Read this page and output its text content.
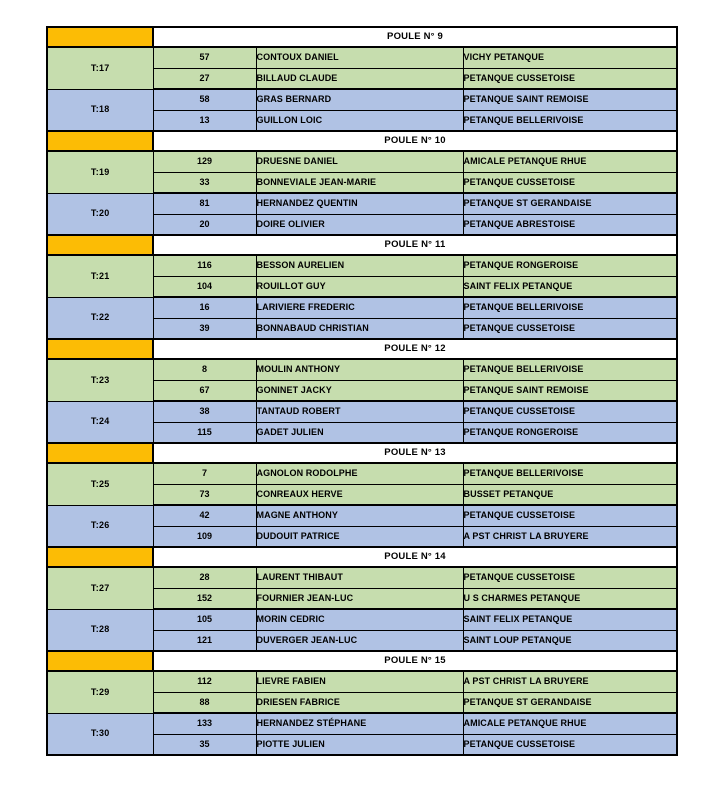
	POULE N° 9		
T:17	57	CONTOUX DANIEL	VICHY PETANQUE
	27	BILLAUD CLAUDE	PETANQUE CUSSETOISE
T:18	58	GRAS BERNARD	PETANQUE SAINT REMOISE
	13	GUILLON LOIC	PETANQUE BELLERIVOISE
	POULE N° 10		
T:19	129	DRUESNE DANIEL	AMICALE PETANQUE RHUE
	33	BONNEVIALE JEAN-MARIE	PETANQUE CUSSETOISE
T:20	81	HERNANDEZ QUENTIN	PETANQUE ST GERANDAISE
	20	DOIRE OLIVIER	PETANQUE ABRESTOISE
	POULE N° 11		
T:21	116	BESSON AURELIEN	PETANQUE RONGEROISE
	104	ROUILLOT GUY	SAINT FELIX PETANQUE
T:22	16	LARIVIERE FREDERIC	PETANQUE BELLERIVOISE
	39	BONNABAUD CHRISTIAN	PETANQUE CUSSETOISE
	POULE N° 12		
T:23	8	MOULIN ANTHONY	PETANQUE BELLERIVOISE
	67	GONINET JACKY	PETANQUE SAINT REMOISE
T:24	38	TANTAUD ROBERT	PETANQUE CUSSETOISE
	115	GADET JULIEN	PETANQUE RONGEROISE
	POULE N° 13		
T:25	7	AGNOLON RODOLPHE	PETANQUE BELLERIVOISE
	73	CONREAUX HERVE	BUSSET PETANQUE
T:26	42	MAGNE ANTHONY	PETANQUE CUSSETOISE
	109	DUDOUIT PATRICE	A PST CHRIST LA BRUYERE
	POULE N° 14		
T:27	28	LAURENT THIBAUT	PETANQUE CUSSETOISE
	152	FOURNIER JEAN-LUC	U S CHARMES PETANQUE
T:28	105	MORIN CEDRIC	SAINT FELIX PETANQUE
	121	DUVERGER JEAN-LUC	SAINT LOUP PETANQUE
	POULE N° 15		
T:29	112	LIEVRE FABIEN	A PST CHRIST LA BRUYERE
	88	DRIESEN FABRICE	PETANQUE ST GERANDAISE
T:30	133	HERNANDEZ STÉPHANE	AMICALE PETANQUE RHUE
	35	PIOTTE JULIEN	PETANQUE CUSSETOISE
